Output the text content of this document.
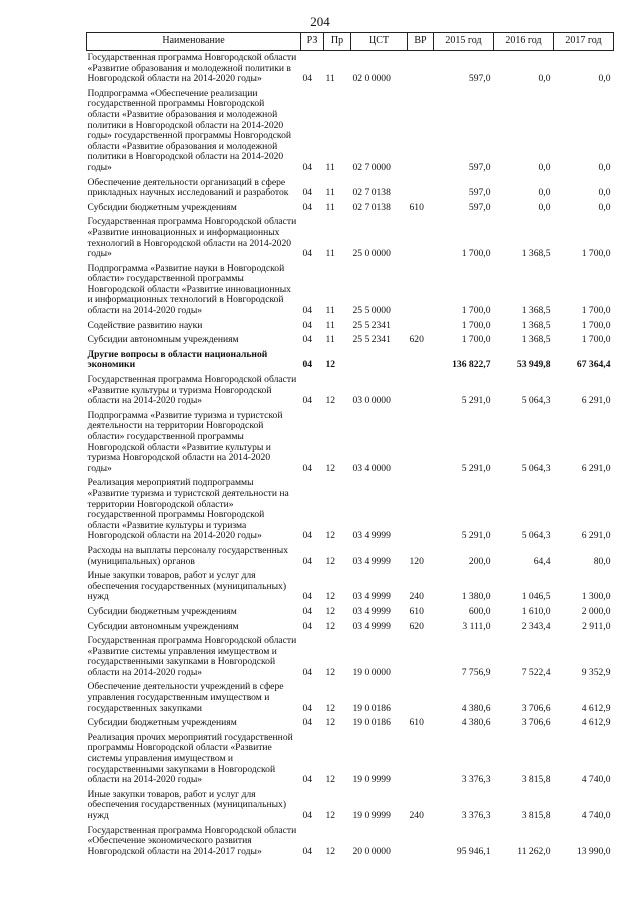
204
Наименование	РЗ	Пр	ЦСТ	ВР	2015 год	2016 год	2017 год
Государственная программа Новгородской области «Развитие образования и молодежной политики в Новгородской области на 2014-2020 годы»	04	11	02 0 0000		597,0	0,0	0,0
Подпрограмма «Обеспечение реализации государственной программы Новгородской области «Развитие образования и молодежной политики в Новгородской области на 2014-2020 годы» государственной программы Новгородской области «Развитие образования и молодежной политики в Новгородской области на 2014-2020 годы»	04	11	02 7 0000		597,0	0,0	0,0
Обеспечение деятельности организаций в сфере прикладных научных исследований и разработок	04	11	02 7 0138		597,0	0,0	0,0
Субсидии бюджетным учреждениям	04	11	02 7 0138	610	597,0	0,0	0,0
Государственная программа Новгородской области «Развитие инновационных и информационных технологий в Новгородской области на 2014-2020 годы»	04	11	25 0 0000		1 700,0	1 368,5	1 700,0
Подпрограмма «Развитие науки в Новгородской области» государственной программы Новгородской области «Развитие инновационных и информационных технологий в Новгородской области на 2014-2020 годы»	04	11	25 5 0000		1 700,0	1 368,5	1 700,0
Содействие развитию науки	04	11	25 5 2341		1 700,0	1 368,5	1 700,0
Субсидии автономным учреждениям	04	11	25 5 2341	620	1 700,0	1 368,5	1 700,0
Другие вопросы в области национальной экономики	04	12			136 822,7	53 949,8	67 364,4
Государственная программа Новгородской области «Развитие культуры и туризма Новгородской области на 2014-2020 годы»	04	12	03 0 0000		5 291,0	5 064,3	6 291,0
Подпрограмма «Развитие туризма и туристской деятельности на территории Новгородской области» государственной программы Новгородской области «Развитие культуры и туризма Новгородской области на 2014-2020 годы»	04	12	03 4 0000		5 291,0	5 064,3	6 291,0
Реализация мероприятий подпрограммы «Развитие туризма и туристской деятельности на территории Новгородской области» государственной программы Новгородской области «Развитие культуры и туризма Новгородской области на 2014-2020 годы»	04	12	03 4 9999		5 291,0	5 064,3	6 291,0
Расходы на выплаты персоналу государственных (муниципальных) органов	04	12	03 4 9999	120	200,0	64,4	80,0
Иные закупки товаров, работ и услуг для обеспечения государственных (муниципальных) нужд	04	12	03 4 9999	240	1 380,0	1 046,5	1 300,0
Субсидии бюджетным учреждениям	04	12	03 4 9999	610	600,0	1 610,0	2 000,0
Субсидии автономным учреждениям	04	12	03 4 9999	620	3 111,0	2 343,4	2 911,0
Государственная программа Новгородской области «Развитие системы управления имуществом и государственными закупками в Новгородской области на 2014-2020 годы»	04	12	19 0 0000		7 756,9	7 522,4	9 352,9
Обеспечение деятельности учреждений в сфере управления государственным имуществом и государственных закупками	04	12	19 0 0186		4 380,6	3 706,6	4 612,9
Субсидии бюджетным учреждениям	04	12	19 0 0186	610	4 380,6	3 706,6	4 612,9
Реализация прочих мероприятий государственной программы Новгородской области «Развитие системы управления имуществом и государственными закупками в Новгородской области на 2014-2020 годы»	04	12	19 0 9999		3 376,3	3 815,8	4 740,0
Иные закупки товаров, работ и услуг для обеспечения государственных (муниципальных) нужд	04	12	19 0 9999	240	3 376,3	3 815,8	4 740,0
Государственная программа Новгородской области «Обеспечение экономического развития Новгородской области на 2014-2017 годы»	04	12	20 0 0000		95 946,1	11 262,0	13 990,0
